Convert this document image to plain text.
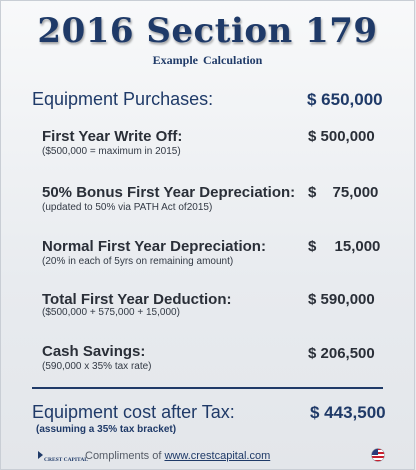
2016 Section 179
Example Calculation
Equipment Purchases:	$ 650,000
First Year Write Off:	$ 500,000
($500,000 = maximum in 2015)
50% Bonus First Year Depreciation: $ 75,000
(updated to 50% via PATH Act of2015)
Normal First Year Depreciation:	$ 15,000
(20% in each of 5yrs on remaining amount)
Total First Year Deduction:	$ 590,000
($500,000 + 575,000 + 15,000)
Cash Savings:	$ 206,500
(590,000 x 35% tax rate)
Equipment cost after Tax:	$ 443,500
(assuming a 35% tax bracket)
CREST CAPITAL
Compliments of www.crestcapital.com
